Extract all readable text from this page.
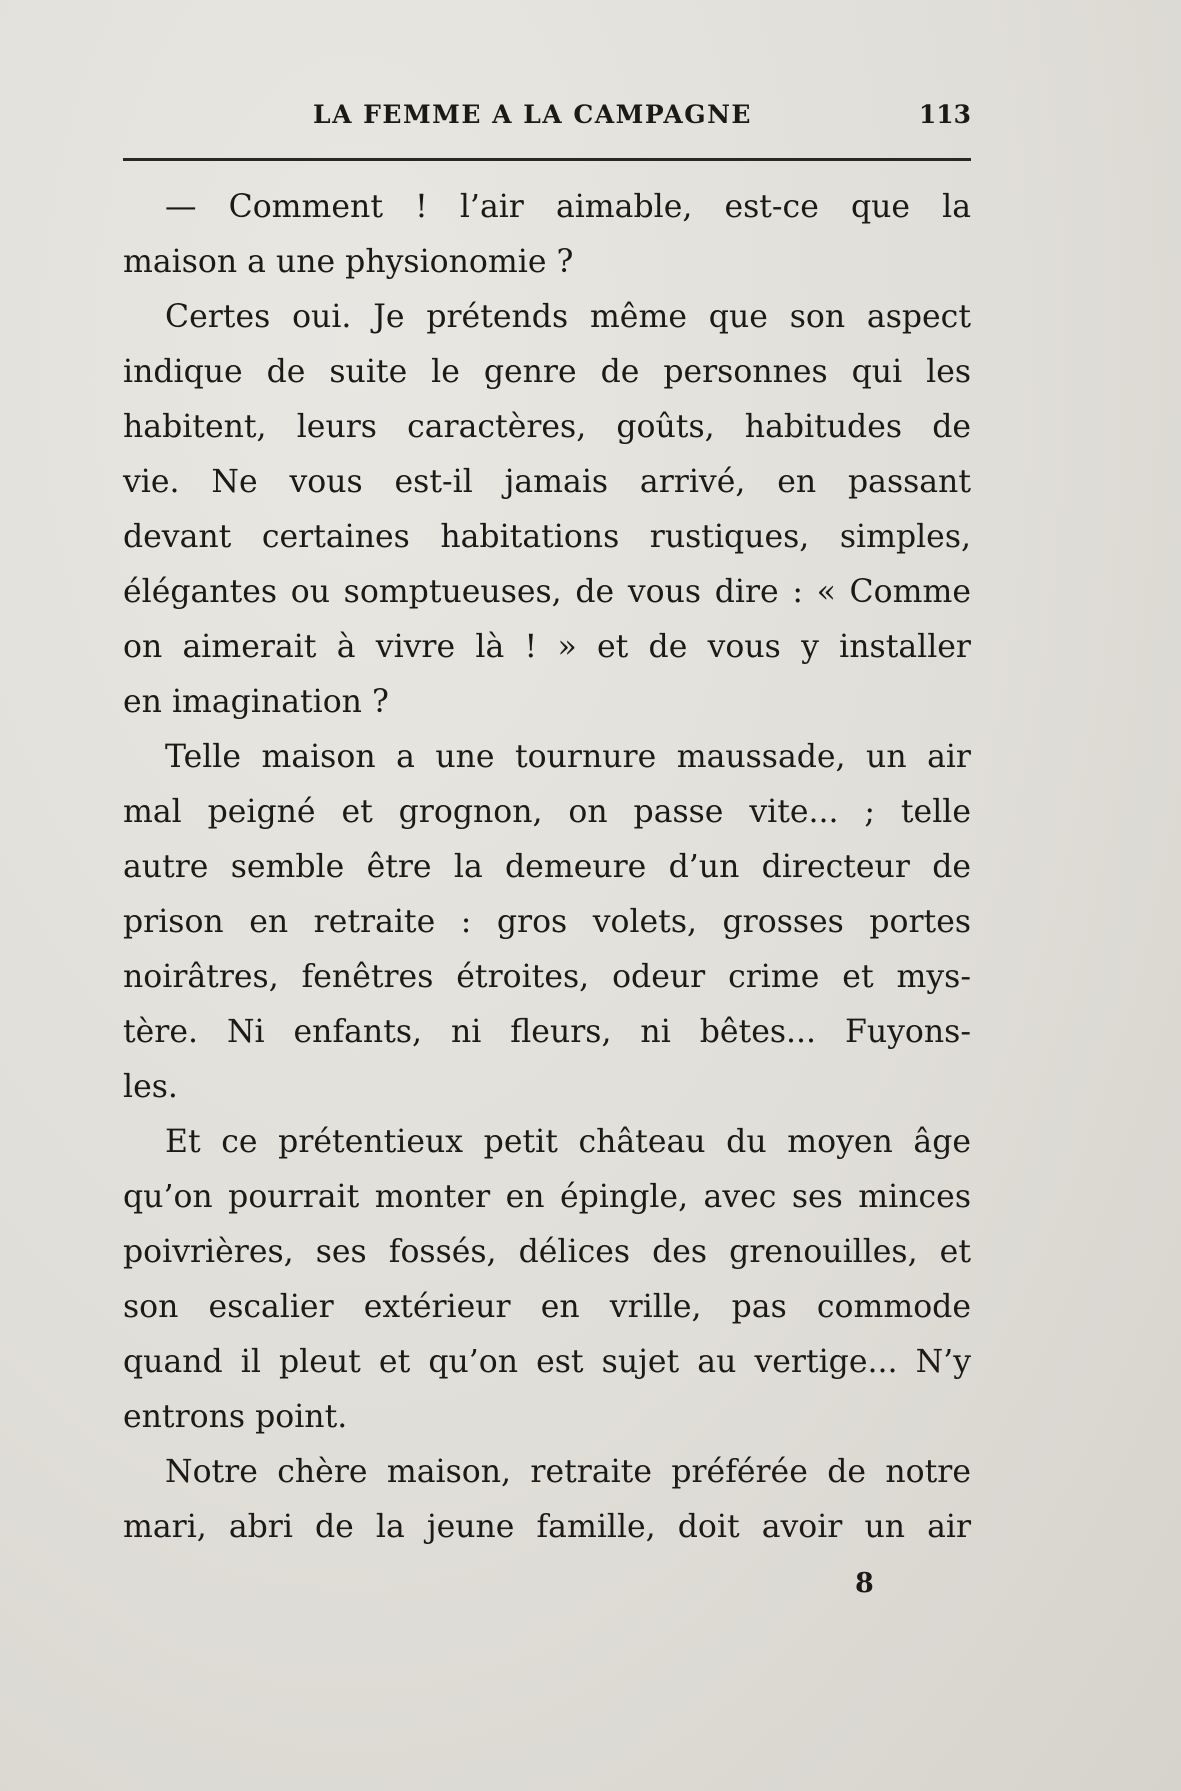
LA FEMME A LA CAMPAGNE	113
— Comment ! l’air aimable, est-ce que la
maison a une physionomie ?
Certes oui. Je prétends même que son aspect
indique de suite le genre de personnes qui les
habitent, leurs caractères, goûts, habitudes de
vie. Ne vous est-il jamais arrivé, en passant
devant certaines habitations rustiques, simples,
élégantes ou somptueuses, de vous dire : « Comme
on aimerait à vivre là ! » et de vous y installer
en imagination ?
Telle maison a une tournure maussade, un air
mal peigné et grognon, on passe vite... ; telle
autre semble être la demeure d’un directeur de
prison en retraite : gros volets, grosses portes
noirâtres, fenêtres étroites, odeur crime et mys-
tère. Ni enfants, ni fleurs, ni bêtes... Fuyons-
les.
Et ce prétentieux petit château du moyen âge
qu’on pourrait monter en épingle, avec ses minces
poivrières, ses fossés, délices des grenouilles, et
son escalier extérieur en vrille, pas commode
quand il pleut et qu’on est sujet au vertige... N’y
entrons point.
Notre chère maison, retraite préférée de notre
mari, abri de la jeune famille, doit avoir un air
8
